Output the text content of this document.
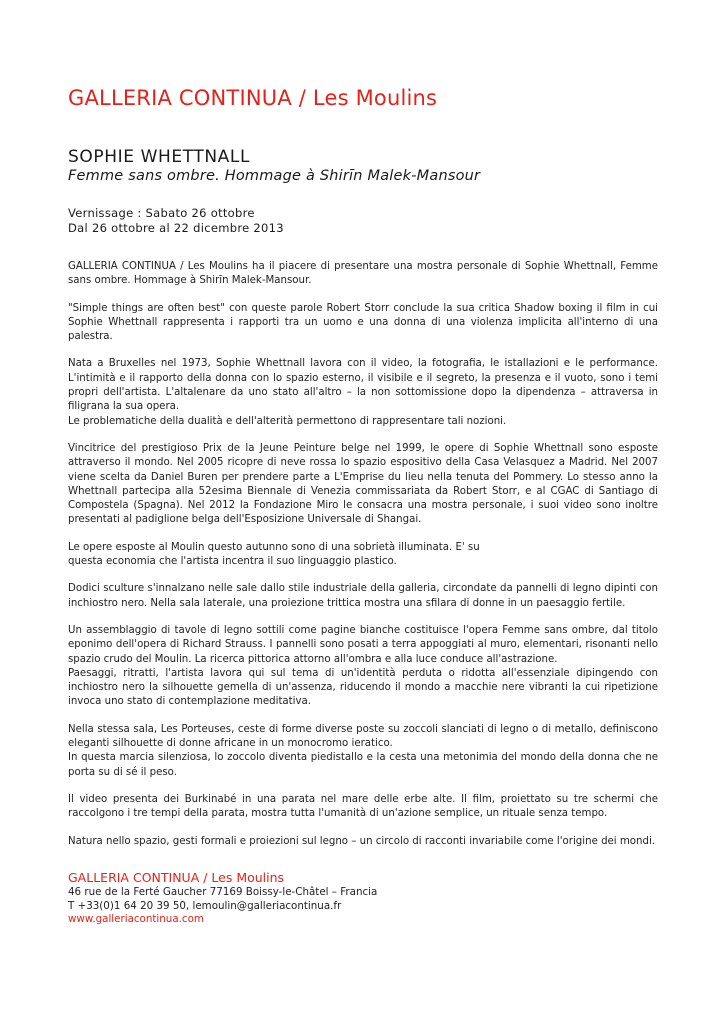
GALLERIA CONTINUA / Les Moulins
SOPHIE WHETTNALL
Femme sans ombre. Hommage à Shirīn Malek-Mansour
Vernissage : Sabato 26 ottobre
Dal 26 ottobre al 22 dicembre 2013

GALLERIA CONTINUA / Les Moulins ha il piacere di presentare una mostra personale di Sophie Whettnall, Femme sans ombre. Hommage à Shirīn Malek-Mansour.

"Simple things are often best" con queste parole Robert Storr conclude la sua critica Shadow boxing il film in cui Sophie Whettnall rappresenta i rapporti tra un uomo e una donna di una violenza implicita all'interno di una palestra.

Nata a Bruxelles nel 1973, Sophie Whettnall lavora con il video, la fotografia, le istallazioni e le performance. L'intimità e il rapporto della donna con lo spazio esterno, il visibile e il segreto, la presenza e il vuoto, sono i temi propri dell'artista. L'altalenare da uno stato all'altro – la non sottomissione dopo la dipendenza – attraversa in filigrana la sua opera.

Le problematiche della dualità e dell'alterità permettono di rappresentare tali nozioni.

Vincitrice del prestigioso Prix de la Jeune Peinture belge nel 1999, le opere di Sophie Whettnall sono esposte attraverso il mondo. Nel 2005 ricopre di neve rossa lo spazio espositivo della Casa Velasquez a Madrid. Nel 2007 viene scelta da Daniel Buren per prendere parte a L'Emprise du lieu nella tenuta del Pommery. Lo stesso anno la Whettnall partecipa alla 52esima Biennale di Venezia commissariata da Robert Storr, e al CGAC di Santiago di Compostela (Spagna). Nel 2012 la Fondazione Miro le consacra una mostra personale, i suoi video sono inoltre presentati al padiglione belga dell'Esposizione Universale di Shangai.

Le opere esposte al Moulin questo autunno sono di una sobrietà illuminata. E' su

questa economia che l'artista incentra il suo linguaggio plastico.

Dodici sculture s'innalzano nelle sale dallo stile industriale della galleria, circondate da pannelli di legno dipinti con inchiostro nero. Nella sala laterale, una proiezione trittica mostra una sfilara di donne in un paesaggio fertile.

Un assemblaggio di tavole di legno sottili come pagine bianche costituisce l'opera Femme sans ombre, dal titolo eponimo dell'opera di Richard Strauss. I pannelli sono posati a terra appoggiati al muro, elementari, risonanti nello spazio crudo del Moulin. La ricerca pittorica attorno all'ombra e alla luce conduce all'astrazione.

Paesaggi, ritratti, l'artista lavora qui sul tema di un'identità perduta o ridotta all'essenziale dipingendo con inchiostro nero la silhouette gemella di un'assenza, riducendo il mondo a macchie nere vibranti la cui ripetizione invoca uno stato di contemplazione meditativa.

Nella stessa sala, Les Porteuses, ceste di forme diverse poste su zoccoli slanciati di legno o di metallo, definiscono eleganti silhouette di donne africane in un monocromo ieratico.

In questa marcia silenziosa, lo zoccolo diventa piedistallo e la cesta una metonimia del mondo della donna che ne porta su di sé il peso.

Il video presenta dei Burkinabé in una parata nel mare delle erbe alte. Il film, proiettato su tre schermi che raccolgono i tre tempi della parata, mostra tutta l'umanità di un'azione semplice, un rituale senza tempo.

Natura nello spazio, gesti formali e proiezioni sul legno – un circolo di racconti invariabile come l'origine dei mondi.

GALLERIA CONTINUA / Les Moulins
46 rue de la Ferté Gaucher 77169 Boissy-le-Châtel – Francia
T +33(0)1 64 20 39 50, lemoulin@galleriacontinua.fr
www.galleriacontinua.com
